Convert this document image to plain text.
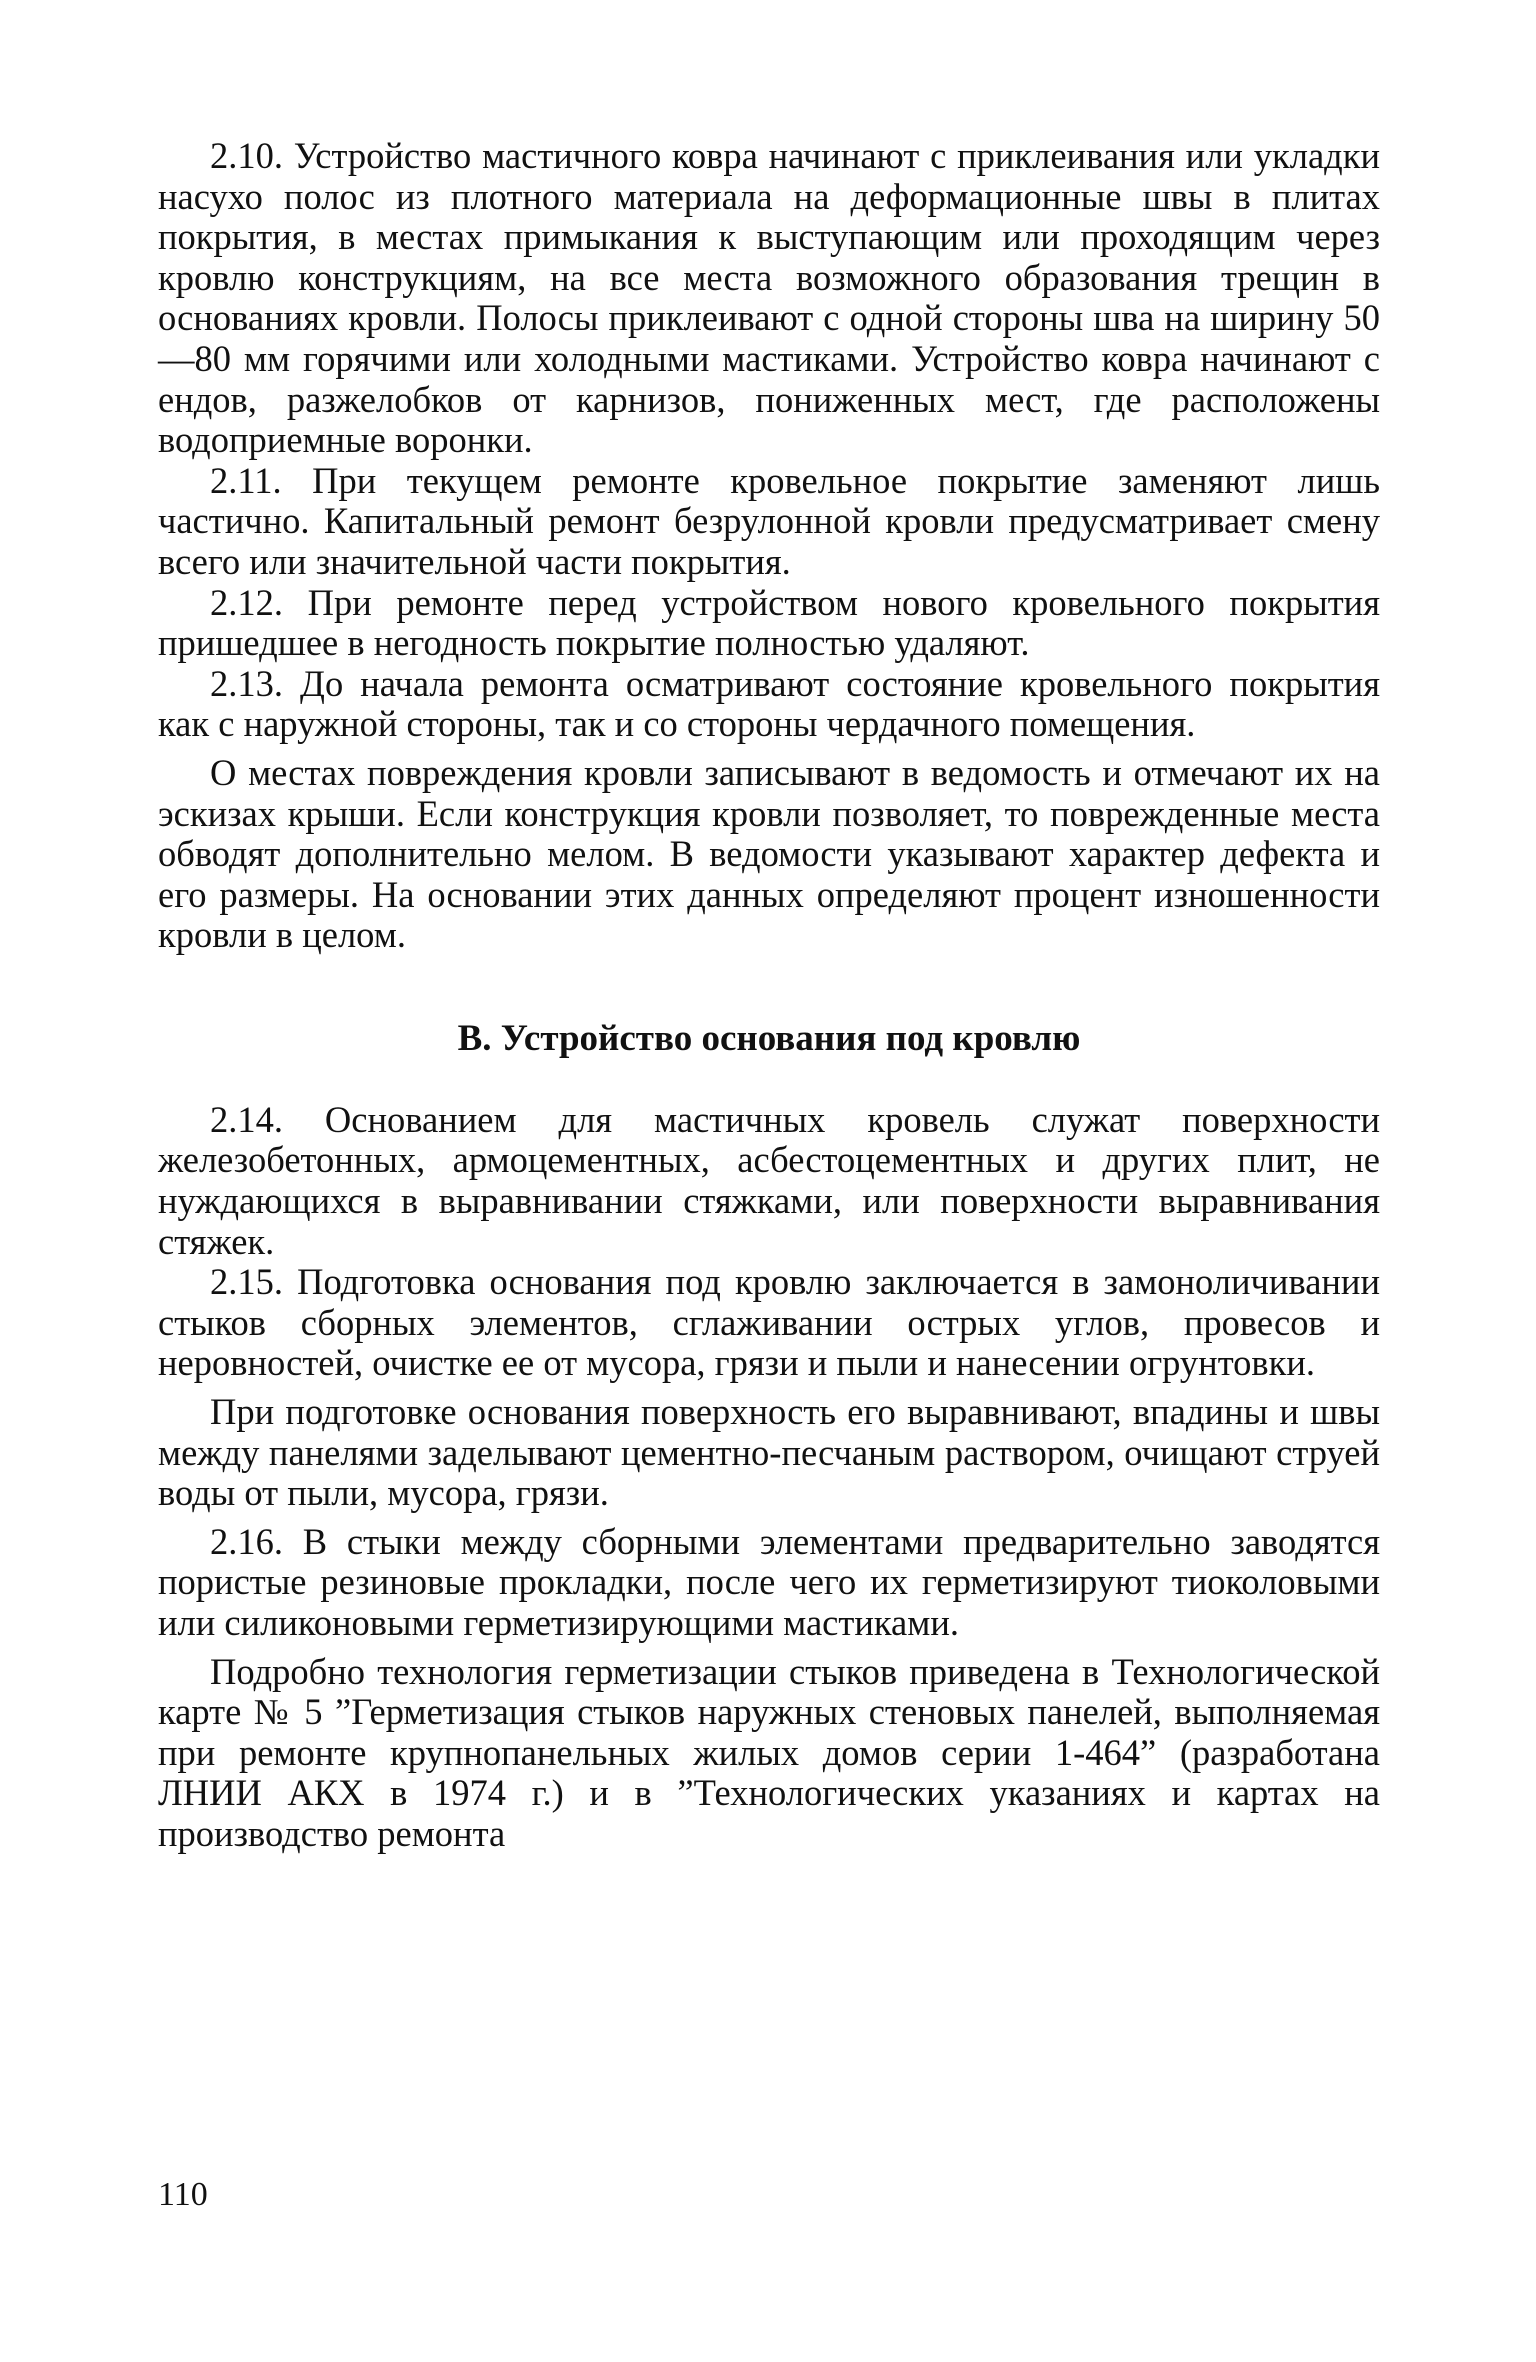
2.10. Устройство мастичного ковра начинают с приклеивания или укладки насухо полос из плотного материала на деформационные швы в плитах покрытия, в местах примыкания к выступающим или проходящим через кровлю конструкциям, на все места возможного образования трещин в основаниях кровли. Полосы приклеивают с одной стороны шва на ширину 50—80 мм горячими или холодными мастиками. Устройство ковра начинают с ендов, разжелобков от карнизов, пониженных мест, где расположены водоприемные воронки.

2.11. При текущем ремонте кровельное покрытие заменяют лишь частично. Капитальный ремонт безрулонной кровли предусматривает смену всего или значительной части покрытия.

2.12. При ремонте перед устройством нового кровельного покрытия пришедшее в негодность покрытие полностью удаляют.

2.13. До начала ремонта осматривают состояние кровельного покрытия как с наружной стороны, так и со стороны чердачного помещения.

О местах повреждения кровли записывают в ведомость и отмечают их на эскизах крыши. Если конструкция кровли позволяет, то поврежденные места обводят дополнительно мелом. В ведомости указывают характер дефекта и его размеры. На основании этих данных определяют процент изношенности кровли в целом.

В. Устройство основания под кровлю

2.14. Основанием для мастичных кровель служат поверхности железобетонных, армоцементных, асбестоцементных и других плит, не нуждающихся в выравнивании стяжками, или поверхности выравнивания стяжек.

2.15. Подготовка основания под кровлю заключается в замоноличивании стыков сборных элементов, сглаживании острых углов, провесов и неровностей, очистке ее от мусора, грязи и пыли и нанесении огрунтовки.

При подготовке основания поверхность его выравнивают, впадины и швы между панелями заделывают цементно-песчаным раствором, очищают струей воды от пыли, мусора, грязи.

2.16. В стыки между сборными элементами предварительно заводятся пористые резиновые прокладки, после чего их герметизируют тиоколовыми или силиконовыми герметизирующими мастиками.

Подробно технология герметизации стыков приведена в Технологической карте № 5 ”Герметизация стыков наружных стеновых панелей, выполняемая при ремонте крупнопанельных жилых домов серии 1-464” (разработана ЛНИИ АКХ в 1974 г.) и в ”Технологических указаниях и картах на производство ремонта

110
